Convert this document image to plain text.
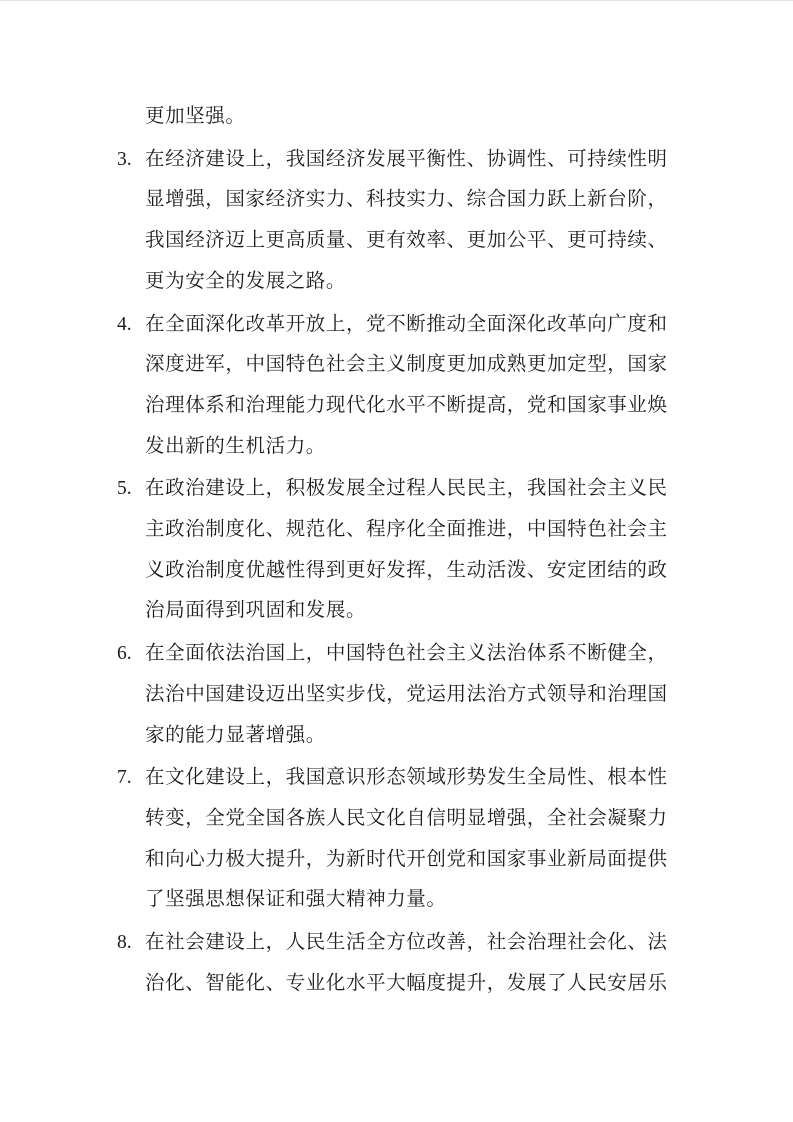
更加坚强。

3. 在经济建设上，我国经济发展平衡性、协调性、可持续性明显增强，国家经济实力、科技实力、综合国力跃上新台阶，我国经济迈上更高质量、更有效率、更加公平、更可持续、更为安全的发展之路。
4. 在全面深化改革开放上，党不断推动全面深化改革向广度和深度进军，中国特色社会主义制度更加成熟更加定型，国家治理体系和治理能力现代化水平不断提高，党和国家事业焕发出新的生机活力。
5. 在政治建设上，积极发展全过程人民民主，我国社会主义民主政治制度化、规范化、程序化全面推进，中国特色社会主义政治制度优越性得到更好发挥，生动活泼、安定团结的政治局面得到巩固和发展。
6. 在全面依法治国上，中国特色社会主义法治体系不断健全，法治中国建设迈出坚实步伐，党运用法治方式领导和治理国家的能力显著增强。
7. 在文化建设上，我国意识形态领域形势发生全局性、根本性转变，全党全国各族人民文化自信明显增强，全社会凝聚力和向心力极大提升，为新时代开创党和国家事业新局面提供了坚强思想保证和强大精神力量。
8. 在社会建设上，人民生活全方位改善，社会治理社会化、法治化、智能化、专业化水平大幅度提升，发展了人民安居乐
